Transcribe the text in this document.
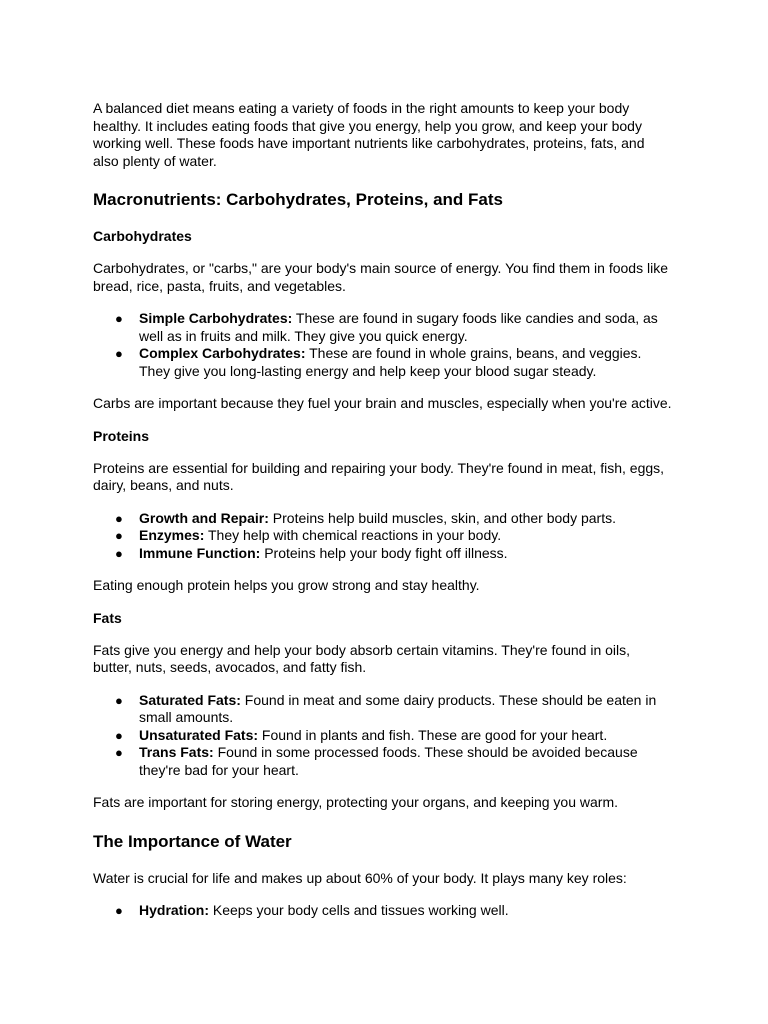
A balanced diet means eating a variety of foods in the right amounts to keep your body healthy. It includes eating foods that give you energy, help you grow, and keep your body working well. These foods have important nutrients like carbohydrates, proteins, fats, and also plenty of water.

Macronutrients: Carbohydrates, Proteins, and Fats
Carbohydrates

Carbohydrates, or "carbs," are your body's main source of energy. You find them in foods like bread, rice, pasta, fruits, and vegetables.

● Simple Carbohydrates: These are found in sugary foods like candies and soda, as well as in fruits and milk. They give you quick energy.
● Complex Carbohydrates: These are found in whole grains, beans, and veggies. They give you long-lasting energy and help keep your blood sugar steady.

Carbs are important because they fuel your brain and muscles, especially when you're active.

Proteins

Proteins are essential for building and repairing your body. They're found in meat, fish, eggs, dairy, beans, and nuts.

● Growth and Repair: Proteins help build muscles, skin, and other body parts.
● Enzymes: They help with chemical reactions in your body.
● Immune Function: Proteins help your body fight off illness.

Eating enough protein helps you grow strong and stay healthy.

Fats

Fats give you energy and help your body absorb certain vitamins. They're found in oils, butter, nuts, seeds, avocados, and fatty fish.

● Saturated Fats: Found in meat and some dairy products. These should be eaten in small amounts.
● Unsaturated Fats: Found in plants and fish. These are good for your heart.
● Trans Fats: Found in some processed foods. These should be avoided because they're bad for your heart.

Fats are important for storing energy, protecting your organs, and keeping you warm.

The Importance of Water

Water is crucial for life and makes up about 60% of your body. It plays many key roles:

● Hydration: Keeps your body cells and tissues working well.
